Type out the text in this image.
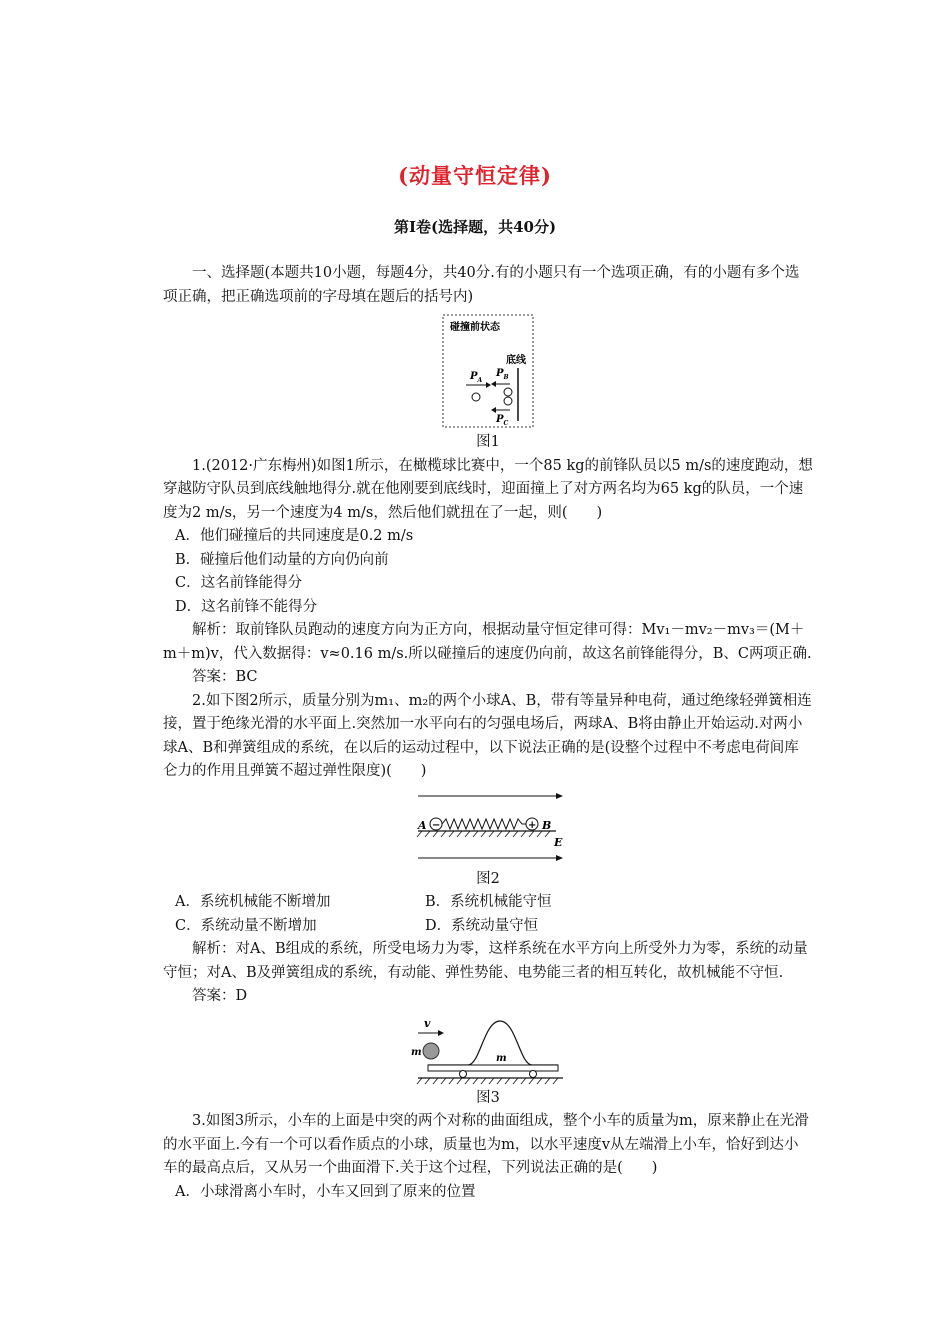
(动量守恒定律)
第Ⅰ卷(选择题，共40分)

一、选择题(本题共10小题，每题4分，共40分.有的小题只有一个选项正确，有的小题有多个选项正确，把正确选项前的字母填在题后的括号内)

碰撞前状态
底线
$P_A$
$P_B$
$P_C$
图1

1.(2012·广东梅州)如图1所示，在橄榄球比赛中，一个85 kg的前锋队员以5 m/s的速度跑动，想穿越防守队员到底线触地得分.就在他刚要到底线时，迎面撞上了对方两名均为65 kg的队员，一个速度为2 m/s，另一个速度为4 m/s，然后他们就扭在了一起，则(　　)

A．他们碰撞后的共同速度是0.2 m/s

B．碰撞后他们动量的方向仍向前

C．这名前锋能得分

D．这名前锋不能得分

解析：取前锋队员跑动的速度方向为正方向，根据动量守恒定律可得：Mv₁－mv₂－mv₃＝(M＋m＋m)v，代入数据得：v≈0.16 m/s.所以碰撞后的速度仍向前，故这名前锋能得分，B、C两项正确.

答案：BC

2.如下图2所示，质量分别为m₁、m₂的两个小球A、B，带有等量异种电荷，通过绝缘轻弹簧相连接，置于绝缘光滑的水平面上.突然加一水平向右的匀强电场后，两球A、B将由静止开始运动.对两小球A、B和弹簧组成的系统，在以后的运动过程中，以下说法正确的是(设整个过程中不考虑电荷间库仑力的作用且弹簧不超过弹性限度)(　　)

A −	+ B
E
图2
A．系统机械能不断增加	B．系统机械能守恒
C．系统动量不断增加	D．系统动量守恒

解析：对A、B组成的系统，所受电场力为零，这样系统在水平方向上所受外力为零，系统的动量守恒；对A、B及弹簧组成的系统，有动能、弹性势能、电势能三者的相互转化，故机械能不守恒.

答案：D

v
m
m
图3

3.如图3所示，小车的上面是中突的两个对称的曲面组成，整个小车的质量为m，原来静止在光滑的水平面上.今有一个可以看作质点的小球，质量也为m，以水平速度v从左端滑上小车，恰好到达小车的最高点后，又从另一个曲面滑下.关于这个过程，下列说法正确的是(　　)

A．小球滑离小车时，小车又回到了原来的位置
